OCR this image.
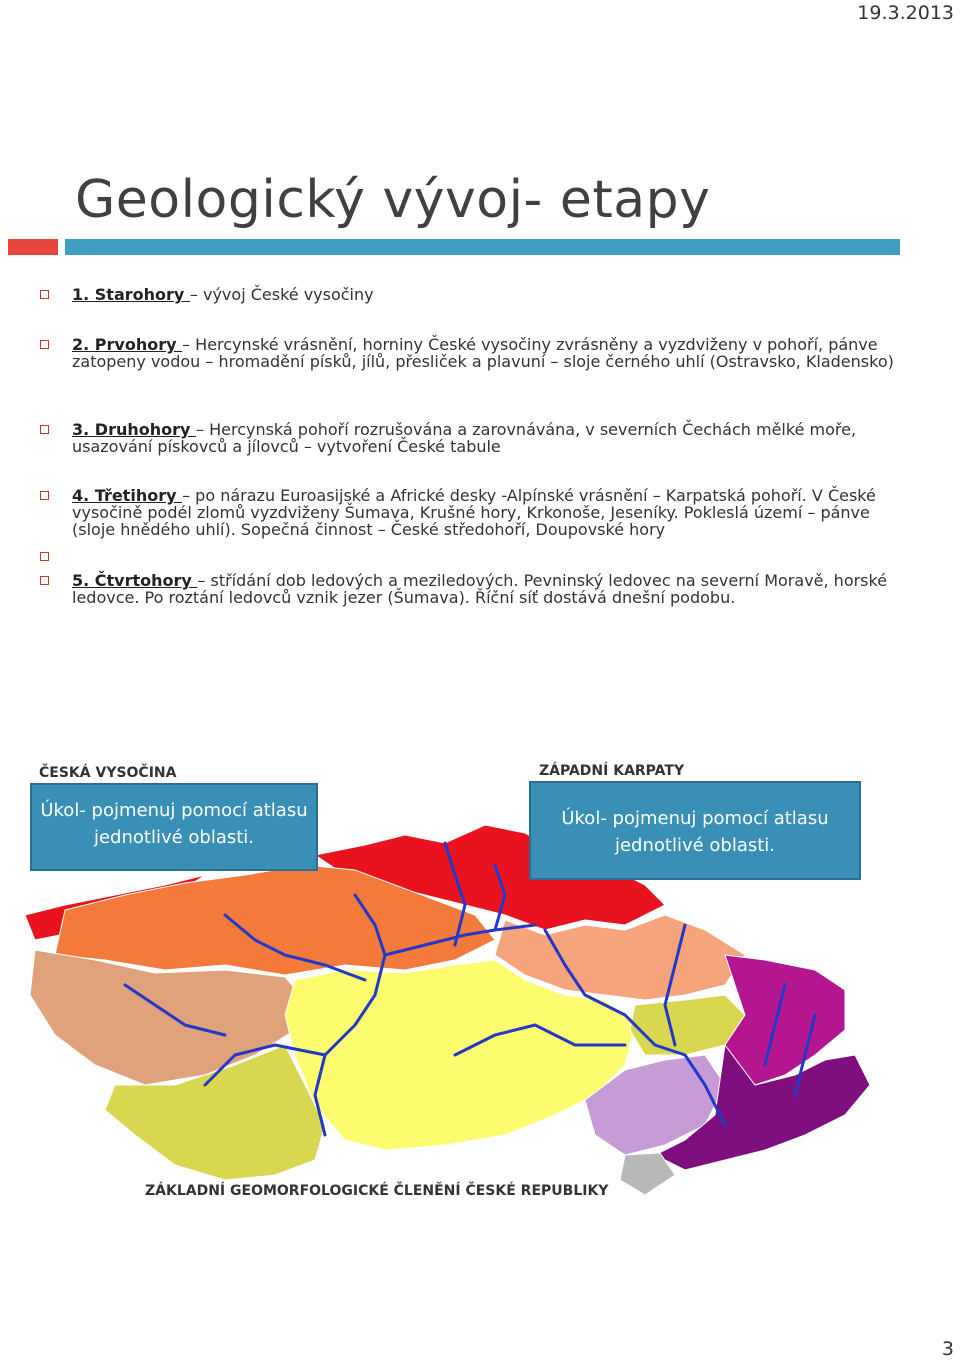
19.3.2013
Geologický vývoj- etapy
1. Starohory – vývoj České vysočiny
2. Prvohory – Hercynské vrásnění, horniny České vysočiny zvrásněny a vyzdviženy v pohoří, pánve zatopeny vodou – hromadění písků, jílů, přesliček a plavuní – sloje černého uhlí (Ostravsko, Kladensko)
3. Druhohory – Hercynská pohoří rozrušována a zarovnávána, v severních Čechách mělké moře, usazování pískovců a jílovců – vytvoření České tabule
4. Třetihory – po nárazu Euroasijské a Africké desky -Alpínské vrásnění – Karpatská pohoří. V České vysočině podél zlomů vyzdviženy Šumava, Krušné hory, Krkonoše, Jeseníky. Pokleslá území – pánve (sloje hnědého uhlí). Sopečná činnost – České středohoří, Doupovské hory
5. Čtvrtohory – střídání dob ledových a meziledových. Pevninský ledovec na severní Moravě, horské ledovce. Po roztání ledovců vznik jezer (Šumava). Říční síť dostává dnešní podobu.
ČESKÁ VYSOČINA	ZÁPADNÍ KARPATY
ZÁKLADNÍ GEOMORFOLOGICKÉ ČLENĚNÍ ČESKÉ REPUBLIKY
Úkol- pojmenuj pomocí atlasu jednotlivé oblasti.
Úkol- pojmenuj pomocí atlasu jednotlivé oblasti.
3
